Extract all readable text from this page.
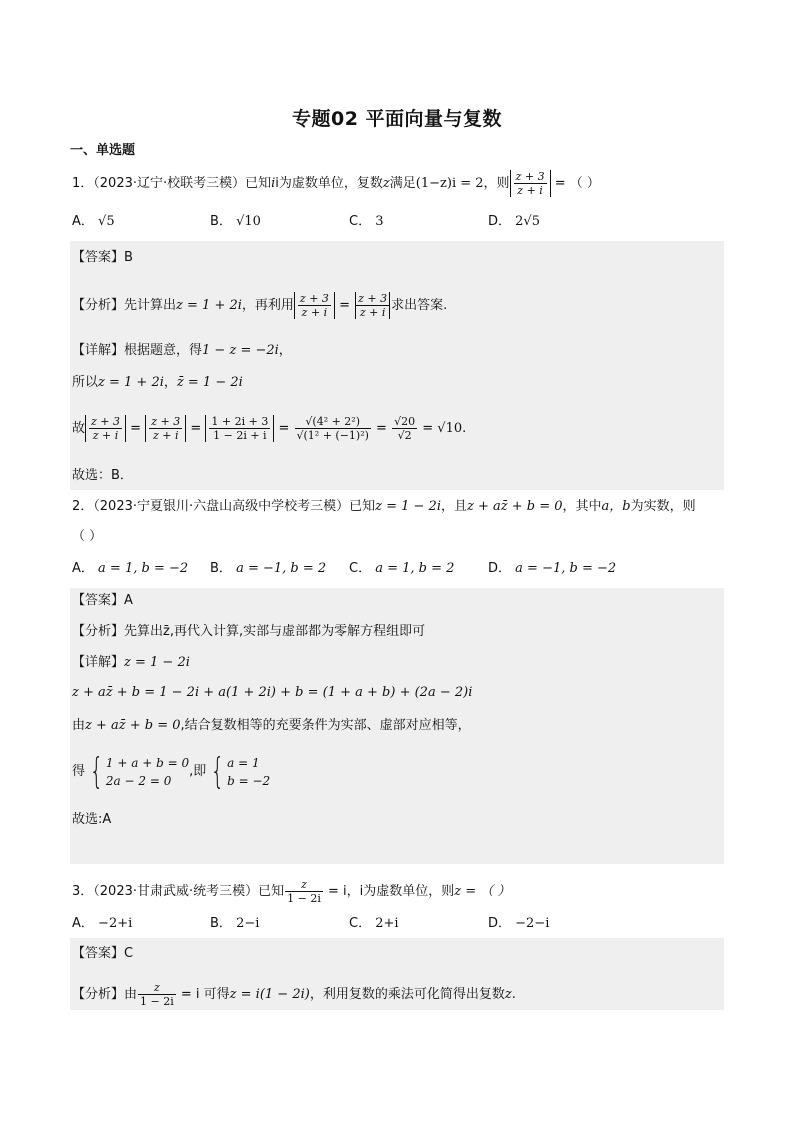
专题02 平面向量与复数
一、单选题
1．（2023·辽宁·校联考三模）已知ii为虚数单位，复数z满足(1−z)i = 2，则 $\frac{z + 3}{\overline{z} + i}$ = （ ）
A． √5	B． √10	C． 3	D． 2√5
【答案】B
【分析】先计算出z = 1 + 2i，再利用 $\frac{z + 3}{\overline{z} + i} = \frac{z + 3}{\overline{z} + i}$ 求出答案.
【详解】根据题意，得1 − z = −2i，
所以z = 1 + 2i，z̄ = 1 − 2i
故 $\frac{z + 3}{\overline{z} + i} = \frac{z + 3}{\overline{z} + i} = \frac{1 + 2i + 3}{1 - 2i + i} = \frac{\text{√(4² + 2²)}}{\text{√(1² + (−1)²)}} = \frac{√20}{√2} = √10$.
故选：B．
2．（2023·宁夏银川·六盘山高级中学校考三模）已知z = 1 − 2i，且z + az̄ + b = 0，其中a，b为实数，则
（ ）
A． a = 1, b = −2 B． a = −1, b = 2 C． a = 1, b = 2	D． a = −1, b = −2
【答案】A
【分析】先算出z̄,再代入计算,实部与虚部都为零解方程组即可
【详解】z = 1 − 2i
z + az̄ + b = 1 − 2i + a(1 + 2i) + b = (1 + a + b) + (2a − 2)i
由z + az̄ + b = 0,结合复数相等的充要条件为实部、虚部对应相等，
得 { 1 + a + b = 0
2a − 2 = 0
,即 { a = 1
b = −2
故选:A
3．（2023·甘肃武威·统考三模）已知 $\frac{z}{1 - 2i} = i$，i为虚数单位，则z = （ ）
A． −2+i	B． 2−i	C． 2+i	D． −2−i
【答案】C
【分析】由 $\frac{z}{1 - 2i} = i$ 可得z = i(1 − 2i)，利用复数的乘法可化简得出复数z.
